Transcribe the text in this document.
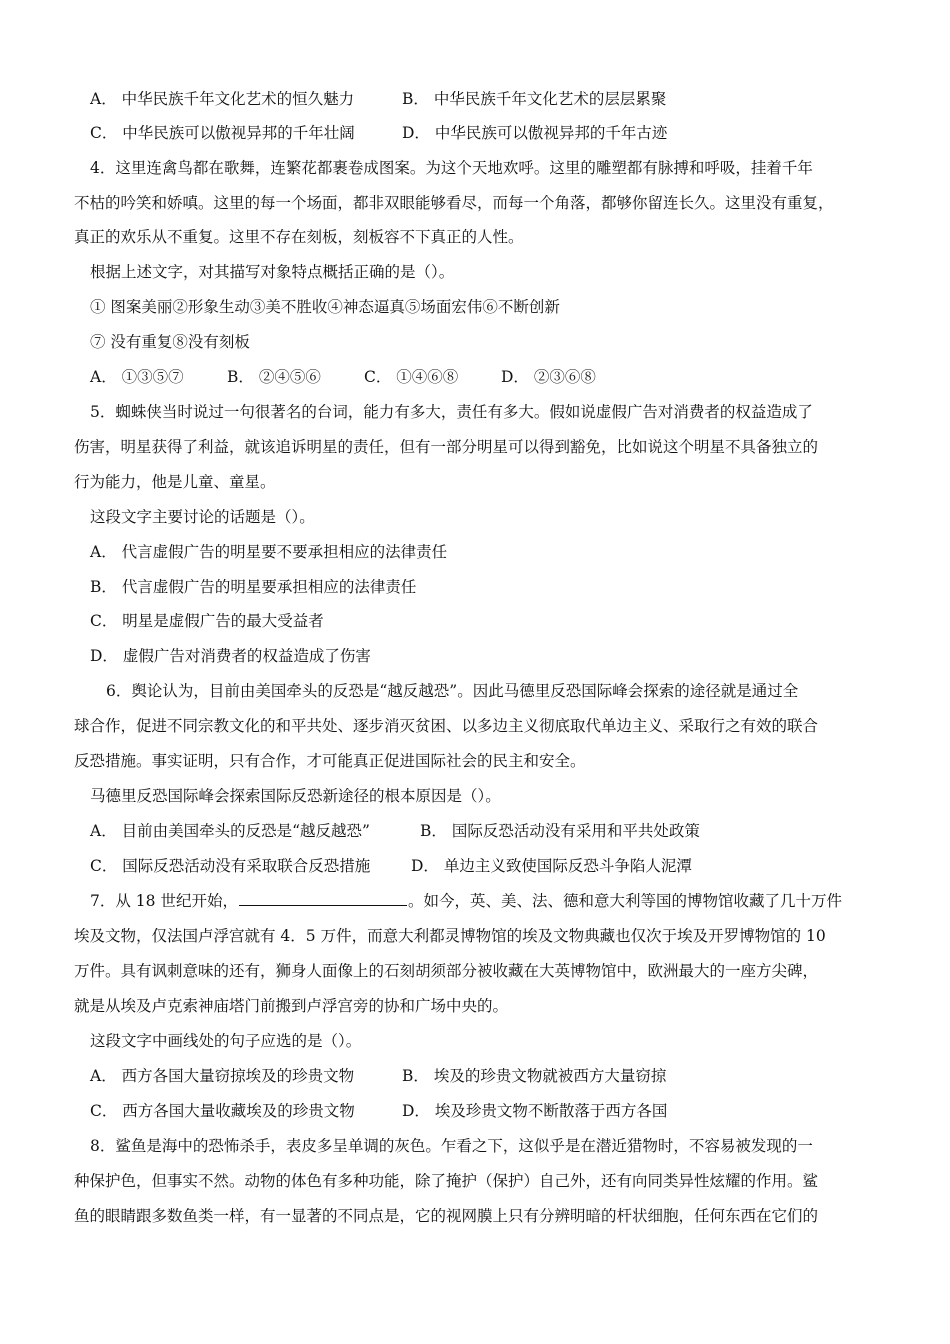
A． 中华民族千年文化艺术的恒久魅力	B． 中华民族千年文化艺术的层层累聚
C． 中华民族可以傲视异邦的千年壮阔	D． 中华民族可以傲视异邦的千年古迹
4．这里连禽鸟都在歌舞，连繁花都裹卷成图案。为这个天地欢呼。这里的雕塑都有脉搏和呼吸，挂着千年
不枯的吟笑和娇嗔。这里的每一个场面，都非双眼能够看尽，而每一个角落，都够你留连长久。这里没有重复，
真正的欢乐从不重复。这里不存在刻板，刻板容不下真正的人性。
根据上述文字，对其描写对象特点概括正确的是（）。
① 图案美丽②形象生动③美不胜收④神态逼真⑤场面宏伟⑥不断创新
⑦ 没有重复⑧没有刻板
A． ①③⑤⑦	B． ②④⑤⑥	C． ①④⑥⑧	D． ②③⑥⑧
5．蜘蛛侠当时说过一句很著名的台词，能力有多大，责任有多大。假如说虚假广告对消费者的权益造成了
伤害，明星获得了利益，就该追诉明星的责任，但有一部分明星可以得到豁免，比如说这个明星不具备独立的
行为能力，他是儿童、童星。
这段文字主要讨论的话题是（）。
A． 代言虚假广告的明星要不要承担相应的法律责任
B． 代言虚假广告的明星要承担相应的法律责任
C． 明星是虚假广告的最大受益者
D． 虚假广告对消费者的权益造成了伤害
6．舆论认为，目前由美国牵头的反恐是“越反越恐”。因此马德里反恐国际峰会探索的途径就是通过全
球合作，促进不同宗教文化的和平共处、逐步消灭贫困、以多边主义彻底取代单边主义、采取行之有效的联合
反恐措施。事实证明，只有合作，才可能真正促进国际社会的民主和安全。
马德里反恐国际峰会探索国际反恐新途径的根本原因是（）。
A． 目前由美国牵头的反恐是“越反越恐”	B． 国际反恐活动没有采用和平共处政策
C． 国际反恐活动没有采取联合反恐措施	D． 单边主义致使国际反恐斗争陷人泥潭
7．从 18 世纪开始，	。如今，英、美、法、德和意大利等国的博物馆收藏了几十万件
埃及文物，仅法国卢浮宫就有 4．5 万件，而意大利都灵博物馆的埃及文物典藏也仅次于埃及开罗博物馆的 10
万件。具有讽刺意味的还有，狮身人面像上的石刻胡须部分被收藏在大英博物馆中，欧洲最大的一座方尖碑，
就是从埃及卢克索神庙塔门前搬到卢浮宫旁的协和广场中央的。
这段文字中画线处的句子应选的是（）。
A． 西方各国大量窃掠埃及的珍贵文物	B． 埃及的珍贵文物就被西方大量窃掠
C． 西方各国大量收藏埃及的珍贵文物	D． 埃及珍贵文物不断散落于西方各国
8．鲨鱼是海中的恐怖杀手，表皮多呈单调的灰色。乍看之下，这似乎是在潜近猎物时，不容易被发现的一
种保护色，但事实不然。动物的体色有多种功能，除了掩护（保护）自己外，还有向同类异性炫耀的作用。鲨
鱼的眼睛跟多数鱼类一样，有一显著的不同点是，它的视网膜上只有分辨明暗的杆状细胞，任何东西在它们的
